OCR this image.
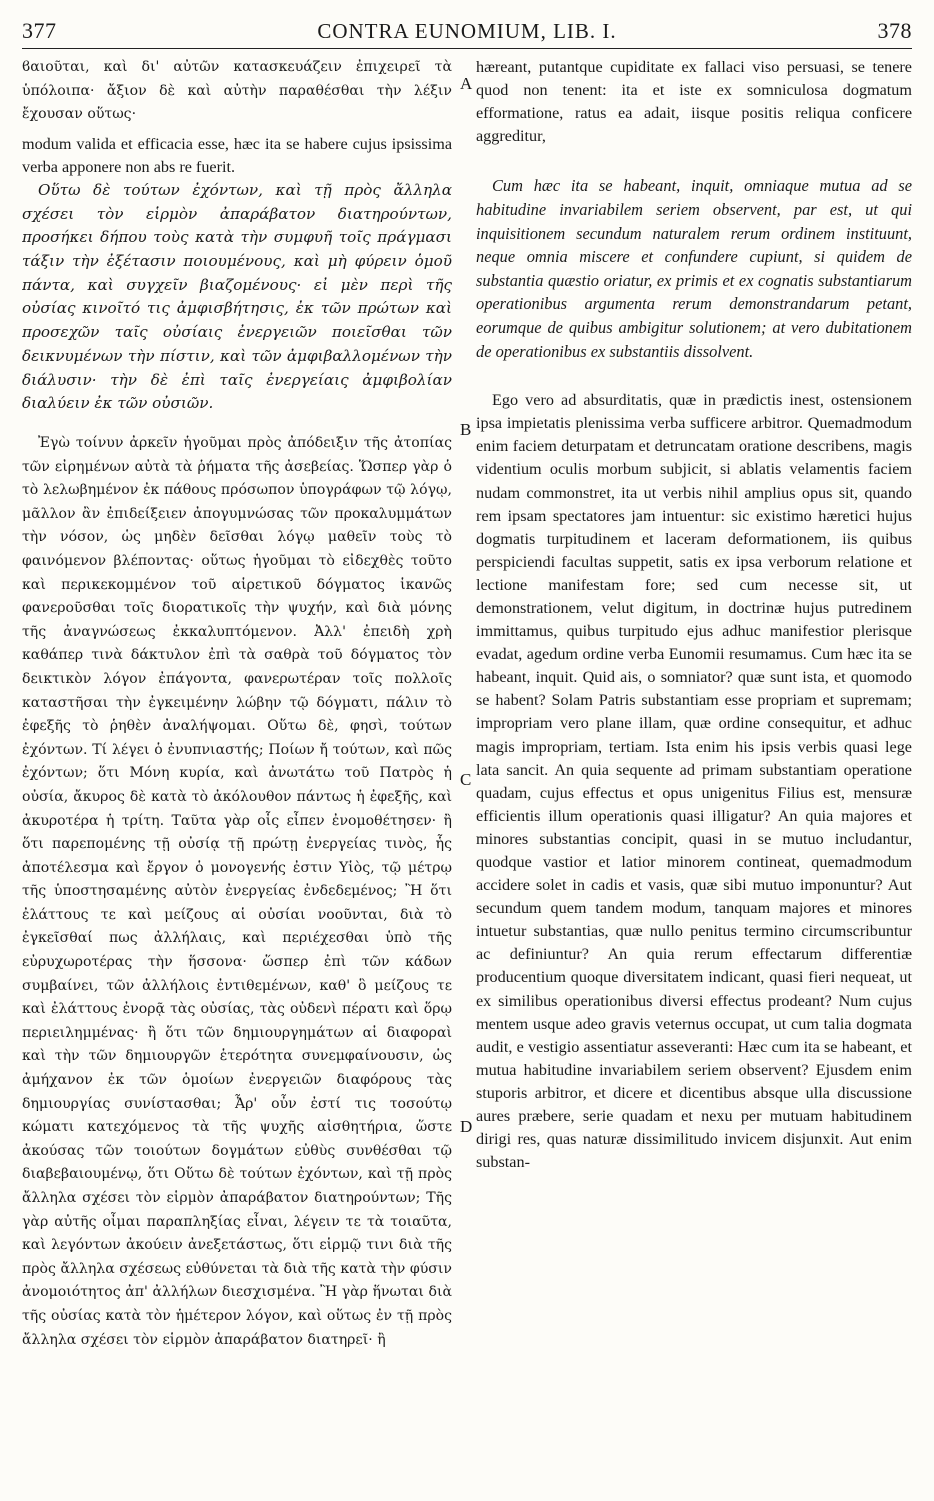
377	CONTRA EUNOMIUM, LIB. I.	378

ϐαιοῦται, καὶ δι' αὐτῶν κατασκευάζειν ἐπιχειρεῖ τὰ ὑπόλοιπα· ἄξιον δὲ καὶ αὐτὴν παραθέσθαι τὴν λέξιν ἔχουσαν οὕτως·

modum valida et efficacia esse, hæc ita se habere cujus ipsissima verba apponere non abs re fuerit.

Οὕτω δὲ τούτων ἐχόντων, καὶ τῇ πρὸς ἄλληλα σχέσει τὸν εἱρμὸν ἀπαράβατον διατηρούντων, προσήκει δήπου τοὺς κατὰ τὴν συμφυῆ τοῖς πράγμασι τάξιν τὴν ἐξέτασιν ποιουμένους, καὶ μὴ φύρειν ὁμοῦ πάντα, καὶ συγχεῖν βιαζομένους· εἰ μὲν περὶ τῆς οὐσίας κινοῖτό τις ἀμφισβήτησις, ἐκ τῶν πρώτων καὶ προσεχῶν ταῖς οὐσίαις ἐνεργειῶν ποιεῖσθαι τῶν δεικνυμένων τὴν πίστιν, καὶ τῶν ἀμφιβαλλομένων τὴν διάλυσιν· τὴν δὲ ἐπὶ ταῖς ἐνεργείαις ἀμφιβολίαν διαλύειν ἐκ τῶν οὐσιῶν.

Ἐγὼ τοίνυν ἀρκεῖν ἡγοῦμαι πρὸς ἀπόδειξιν τῆς ἀτοπίας τῶν εἰρημένων αὐτὰ τὰ ῥήματα τῆς ἀσεβείας. Ὥσπερ γὰρ ὁ τὸ λελωβημένον ἐκ πάθους πρόσωπον ὑπογράφων τῷ λόγῳ, μᾶλλον ἂν ἐπιδείξειεν ἀπογυμνώσας τῶν προκαλυμμάτων τὴν νόσον, ὡς μηδὲν δεῖσθαι λόγῳ μαθεῖν τοὺς τὸ φαινόμενον βλέποντας· οὕτως ἡγοῦμαι τὸ εἰδεχθὲς τοῦτο καὶ περικεκομμένον τοῦ αἱρετικοῦ δόγματος ἱκανῶς φανεροῦσθαι τοῖς διορατικοῖς τὴν ψυχήν, καὶ διὰ μόνης τῆς ἀναγνώσεως ἐκκαλυπτόμενον. Ἀλλ' ἐπειδὴ χρὴ καθάπερ τινὰ δάκτυλον ἐπὶ τὰ σαθρὰ τοῦ δόγματος τὸν δεικτικὸν λόγον ἐπάγοντα, φανερωτέραν τοῖς πολλοῖς καταστῆσαι τὴν ἐγκειμένην λώβην τῷ δόγματι, πάλιν τὸ ἐφεξῆς τὸ ῥηθὲν ἀναλήψομαι. Οὕτω δὲ, φησὶ, τούτων ἐχόντων. Τί λέγει ὁ ἐνυπνιαστής; Ποίων ἤ τούτων, καὶ πῶς ἐχόντων; ὅτι Μόνη κυρία, καὶ ἀνωτάτω τοῦ Πατρὸς ἡ οὐσία, ἄκυρος δὲ κατὰ τὸ ἀκόλουθον πάντως ἡ ἐφεξῆς, καὶ ἀκυροτέρα ἡ τρίτη. Ταῦτα γὰρ οἷς εἶπεν ἐνομοθέτησεν· ἢ ὅτι παρεπομένης τῇ οὐσίᾳ τῇ πρώτῃ ἐνεργείας τινὸς, ἧς ἀποτέλεσμα καὶ ἔργον ὁ μονογενής ἐστιν Υἱὸς, τῷ μέτρῳ τῆς ὑποστησαμένης αὐτὸν ἐνεργείας ἐνδεδεμένος; Ἢ ὅτι ἐλάττους τε καὶ μείζους αἱ οὐσίαι νοοῦνται, διὰ τὸ ἐγκεῖσθαί πως ἀλλήλαις, καὶ περιέχεσθαι ὑπὸ τῆς εὐρυχωροτέρας τὴν ἥσσονα· ὥσπερ ἐπὶ τῶν κάδων συμβαίνει, τῶν ἀλλήλοις ἐντιθεμένων, καθ' ὃ μείζους τε καὶ ἐλάττους ἐνορᾷ τὰς οὐσίας, τὰς οὐδενὶ πέρατι καὶ ὅρῳ περιειλημμένας· ἢ ὅτι τῶν δημιουργημάτων αἱ διαφοραὶ καὶ τὴν τῶν δημιουργῶν ἑτερότητα συνεμφαίνουσιν, ὡς ἀμήχανον ἐκ τῶν ὁμοίων ἐνεργειῶν διαφόρους τὰς δημιουργίας συνίστασθαι; Ἆρ' οὖν ἐστί τις τοσούτῳ κώματι κατεχόμενος τὰ τῆς ψυχῆς αἰσθητήρια, ὥστε ἀκούσας τῶν τοιούτων δογμάτων εὐθὺς συνθέσθαι τῷ διαβεβαιουμένῳ, ὅτι Οὕτω δὲ τούτων ἐχόντων, καὶ τῇ πρὸς ἄλληλα σχέσει τὸν εἱρμὸν ἀπαράβατον διατηρούντων; Τῆς γὰρ αὐτῆς οἶμαι παραπληξίας εἶναι, λέγειν τε τὰ τοιαῦτα, καὶ λεγόντων ἀκούειν ἀνεξετάστως, ὅτι εἱρμῷ τινι διὰ τῆς πρὸς ἄλληλα σχέσεως εὐθύνεται τὰ διὰ τῆς κατὰ τὴν φύσιν ἀνομοιότητος ἀπ' ἀλλήλων διεσχισμένα. Ἢ γὰρ ἥνωται διὰ τῆς οὐσίας κατὰ τὸν ἡμέτερον λόγον, καὶ οὕτως ἐν τῇ πρὸς ἄλληλα σχέσει τὸν εἱρμὸν ἀπαράβατον διατηρεῖ· ἢ

A
B
C
D

hæreant, putantque cupiditate ex fallaci viso persuasi, se tenere quod non tenent: ita et iste ex somniculosa dogmatum efformatione, ratus ea adait, iisque positis reliqua conficere aggreditur,

Cum hæc ita se habeant, inquit, omniaque mutua ad se habitudine invariabilem seriem observent, par est, ut qui inquisitionem secundum naturalem rerum ordinem instituunt, neque omnia miscere et confundere cupiunt, si quidem de substantia quæstio oriatur, ex primis et ex cognatis substantiarum operationibus argumenta rerum demonstrandarum petant, eorumque de quibus ambigitur solutionem; at vero dubitationem de operationibus ex substantiis dissolvent.

Ego vero ad absurditatis, quæ in prædictis inest, ostensionem ipsa impietatis plenissima verba sufficere arbitror. Quemadmodum enim faciem deturpatam et detruncatam oratione describens, magis videntium oculis morbum subjicit, si ablatis velamentis faciem nudam commonstret, ita ut verbis nihil amplius opus sit, quando rem ipsam spectatores jam intuentur: sic existimo hæretici hujus dogmatis turpitudinem et laceram deformationem, iis quibus perspiciendi facultas suppetit, satis ex ipsa verborum relatione et lectione manifestam fore; sed cum necesse sit, ut demonstrationem, velut digitum, in doctrinæ hujus putredinem immittamus, quibus turpitudo ejus adhuc manifestior plerisque evadat, agedum ordine verba Eunomii resumamus. Cum hæc ita se habeant, inquit. Quid ais, o somniator? quæ sunt ista, et quomodo se habent? Solam Patris substantiam esse propriam et supremam; impropriam vero plane illam, quæ ordine consequitur, et adhuc magis impropriam, tertiam. Ista enim his ipsis verbis quasi lege lata sancit. An quia sequente ad primam substantiam operatione quadam, cujus effectus et opus unigenitus Filius est, mensuræ efficientis illum operationis quasi illigatur? An quia majores et minores substantias concipit, quasi in se mutuo includantur, quodque vastior et latior minorem contineat, quemadmodum accidere solet in cadis et vasis, quæ sibi mutuo imponuntur? Aut secundum quem tandem modum, tanquam majores et minores intuetur substantias, quæ nullo penitus termino circumscribuntur ac definiuntur? An quia rerum effectarum differentiæ producentium quoque diversitatem indicant, quasi fieri nequeat, ut ex similibus operationibus diversi effectus prodeant? Num cujus mentem usque adeo gravis veternus occupat, ut cum talia dogmata audit, e vestigio assentiatur asseveranti: Hæc cum ita se habeant, et mutua habitudine invariabilem seriem observent? Ejusdem enim stuporis arbitror, et dicere et dicentibus absque ulla discussione aures præbere, serie quadam et nexu per mutuam habitudinem dirigi res, quas naturæ dissimilitudo invicem disjunxit. Aut enim substan-
